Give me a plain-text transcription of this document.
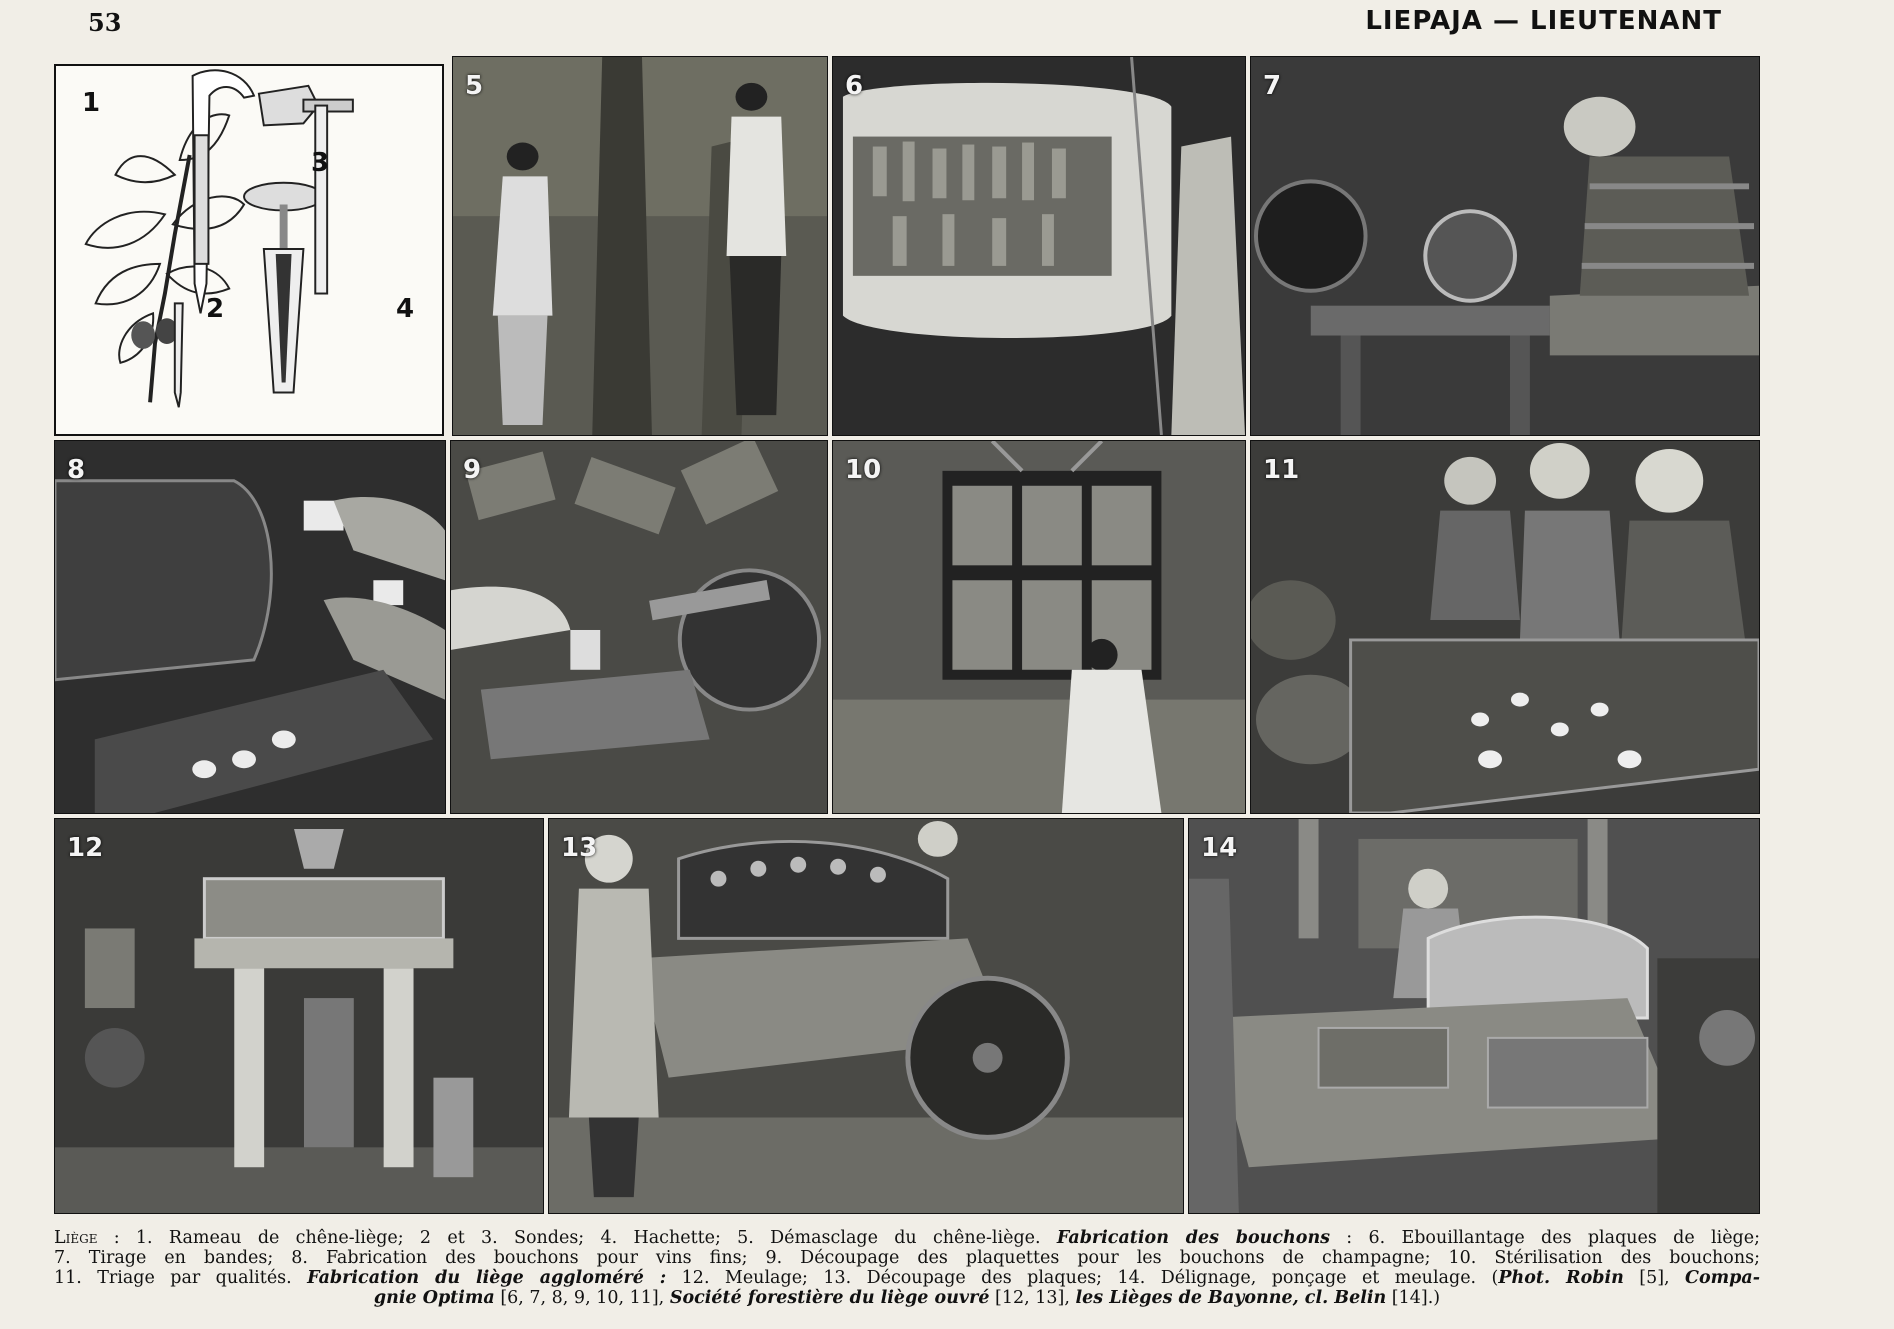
53	LIEPAJA — LIEUTENANT
1
2
3
4
5	6	7
8	9	10	11
12	13	14
Liège : 1. Rameau de chêne-liège; 2 et 3. Sondes; 4. Hachette; 5. Démasclage du chêne-liège. Fabrication des bouchons : 6. Ebouillantage des plaques de liège;
7. Tirage en bandes; 8. Fabrication des bouchons pour vins fins; 9. Découpage des plaquettes pour les bouchons de champagne; 10. Stérilisation des bouchons;
11. Triage par qualités. Fabrication du liège aggloméré : 12. Meulage; 13. Découpage des plaques; 14. Délignage, ponçage et meulage. (Phot. Robin [5], Compa-
gnie Optima [6, 7, 8, 9, 10, 11], Société forestière du liège ouvré [12, 13], les Lièges de Bayonne, cl. Belin [14].)
